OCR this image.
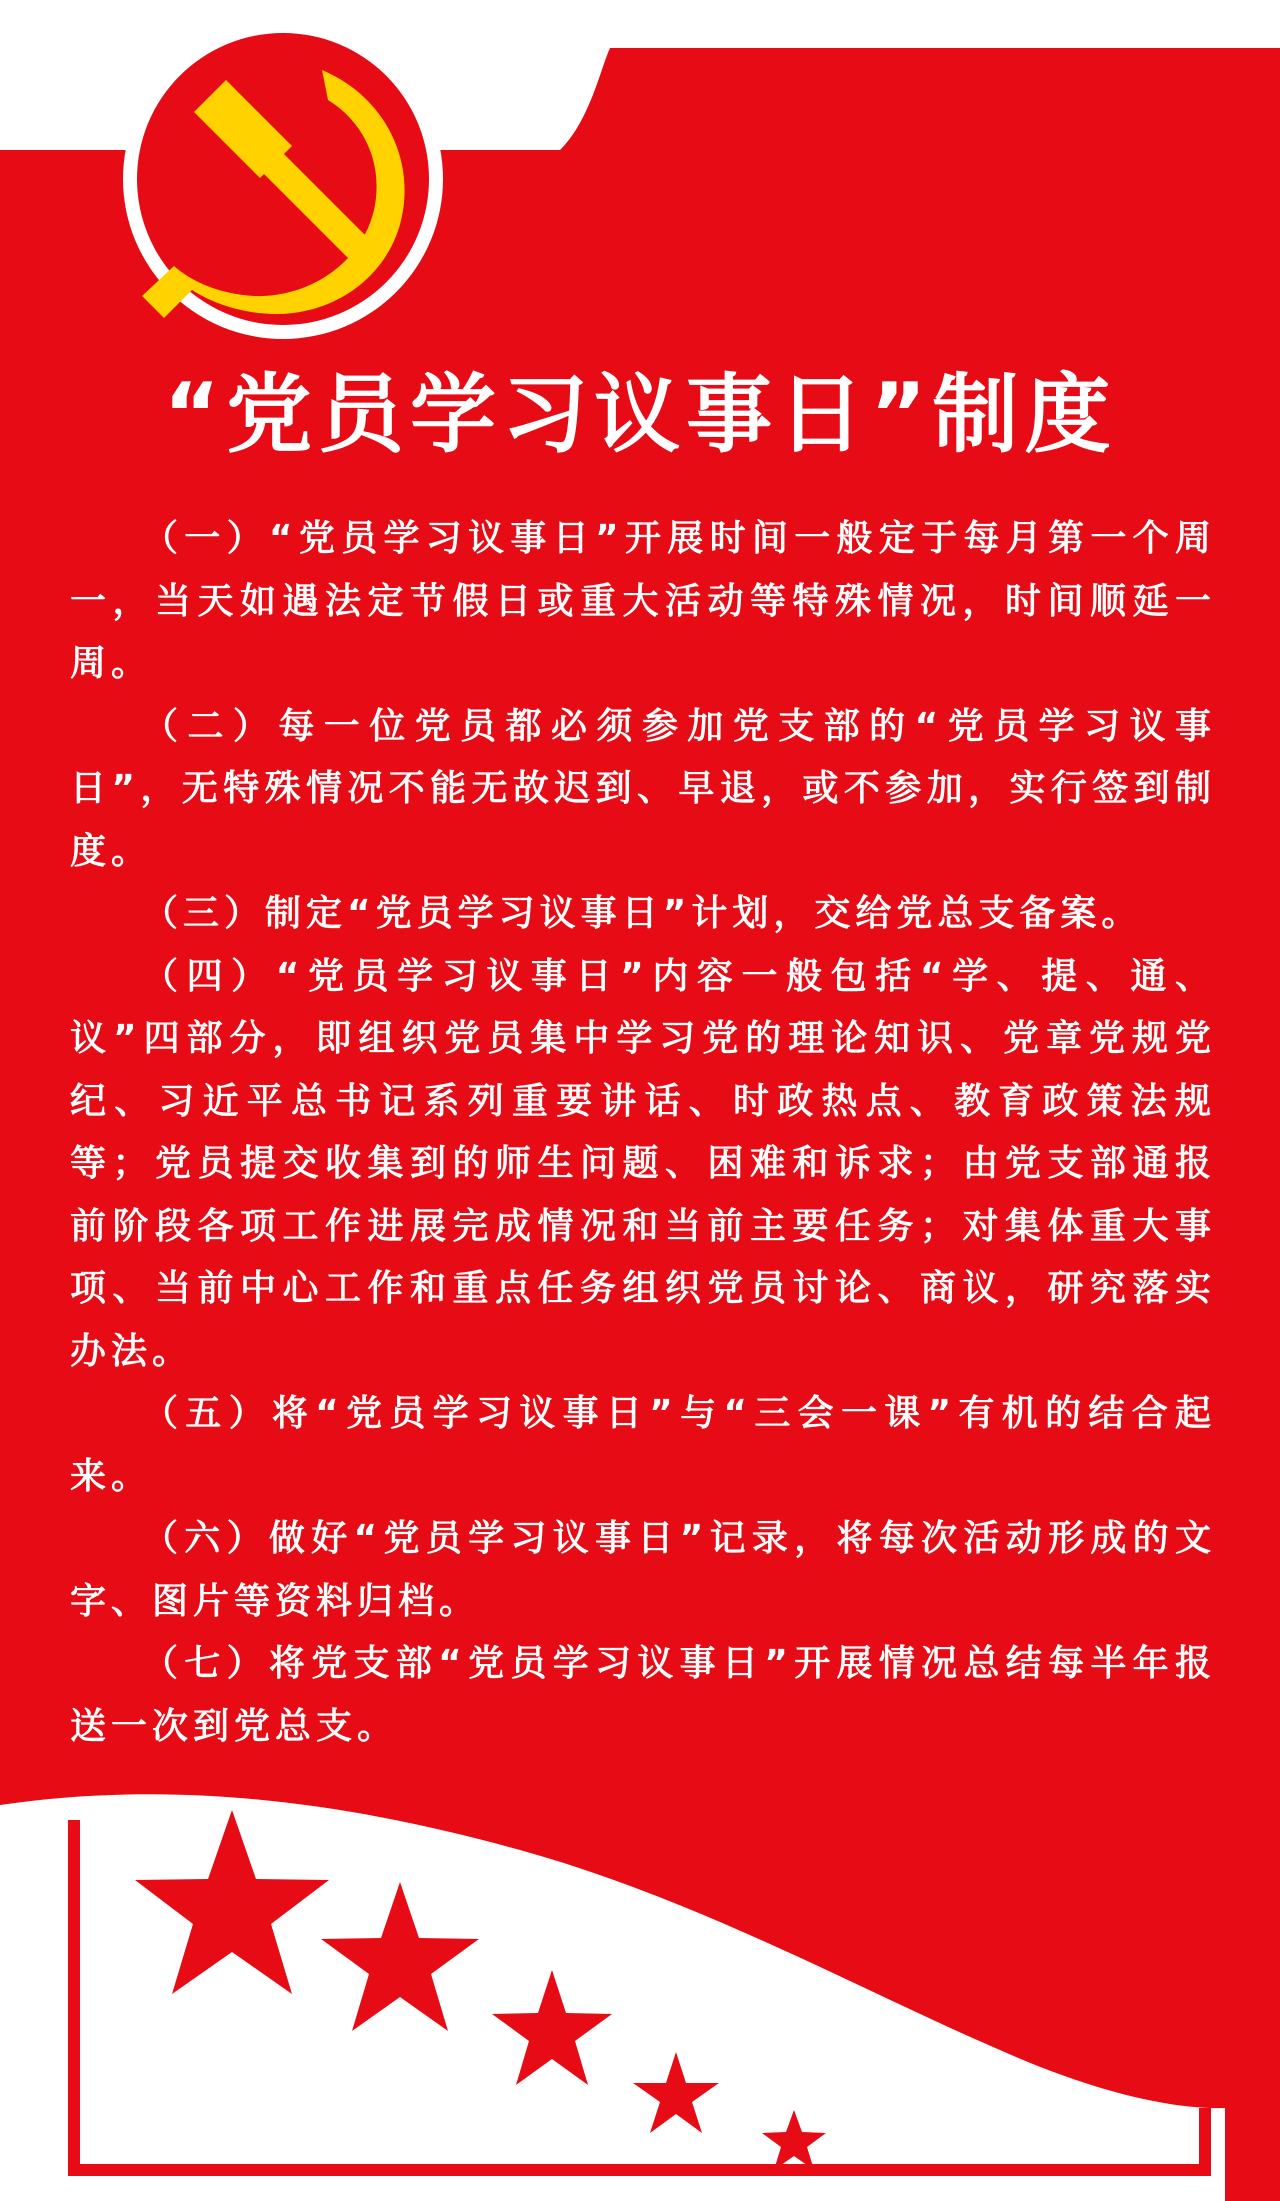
“党员学习议事日”制度

（一）“党员学习议事日”开展时间一般定于每月第一个周一，当天如遇法定节假日或重大活动等特殊情况，时间顺延一周。

（二）每一位党员都必须参加党支部的“党员学习议事日”，无特殊情况不能无故迟到、早退，或不参加，实行签到制度。

（三）制定“党员学习议事日”计划，交给党总支备案。

（四）“党员学习议事日”内容一般包括“学、提、通、议”四部分，即组织党员集中学习党的理论知识、党章党规党纪、习近平总书记系列重要讲话、时政热点、教育政策法规等；党员提交收集到的师生问题、困难和诉求；由党支部通报前阶段各项工作进展完成情况和当前主要任务；对集体重大事项、当前中心工作和重点任务组织党员讨论、商议，研究落实办法。

（五）将“党员学习议事日”与“三会一课”有机的结合起来。

（六）做好“党员学习议事日”记录，将每次活动形成的文字、图片等资料归档。

（七）将党支部“党员学习议事日”开展情况总结每半年报送一次到党总支。
